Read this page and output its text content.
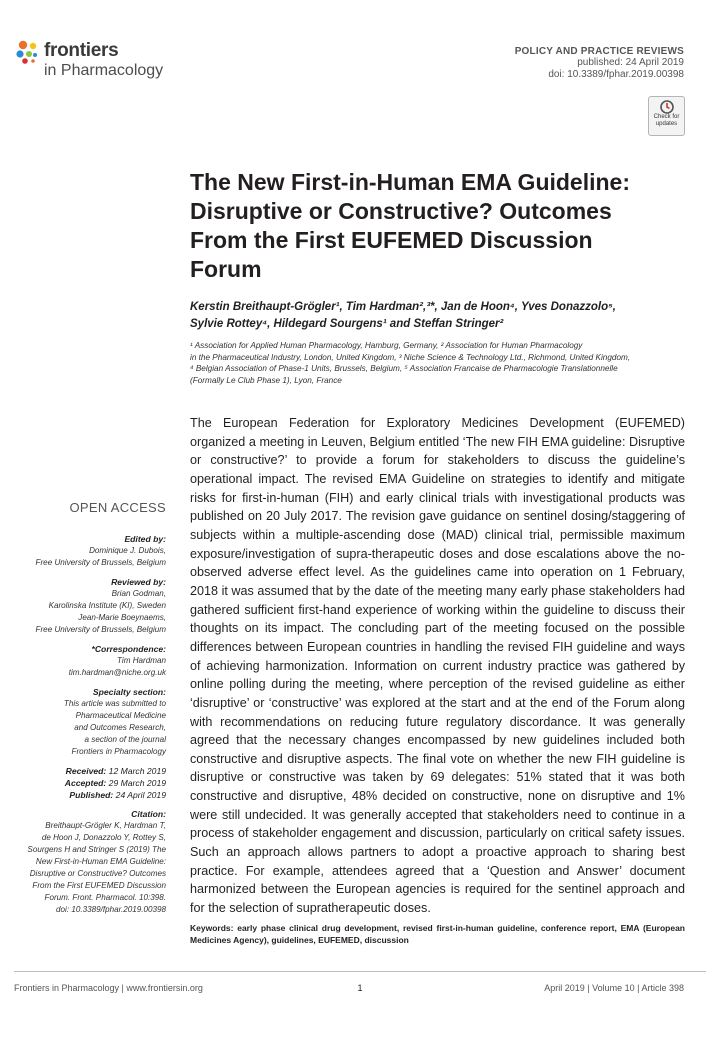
frontiers
in Pharmacology
POLICY AND PRACTICE REVIEWS
published: 24 April 2019
doi: 10.3389/fphar.2019.00398
Check for
updates
The New First-in-Human EMA Guideline: Disruptive or Constructive? Outcomes From the First EUFEMED Discussion Forum
Kerstin Breithaupt-Grögler¹, Tim Hardman²,³*, Jan de Hoon⁴, Yves Donazzolo⁵,
Sylvie Rottey⁴, Hildegard Sourgens¹ and Steffan Stringer²
¹ Association for Applied Human Pharmacology, Hamburg, Germany, ² Association for Human Pharmacology
in the Pharmaceutical Industry, London, United Kingdom, ³ Niche Science & Technology Ltd., Richmond, United Kingdom,
⁴ Belgian Association of Phase-1 Units, Brussels, Belgium, ⁵ Association Francaise de Pharmacologie Translationnelle
(Formally Le Club Phase 1), Lyon, France

The European Federation for Exploratory Medicines Development (EUFEMED) organized a meeting in Leuven, Belgium entitled ‘The new FIH EMA guideline: Disruptive or constructive?’ to provide a forum for stakeholders to discuss the guideline’s operational impact. The revised EMA Guideline on strategies to identify and mitigate risks for first-in-human (FIH) and early clinical trials with investigational products was published on 20 July 2017. The revision gave guidance on sentinel dosing/staggering of subjects within a multiple-ascending dose (MAD) clinical trial, permissible maximum exposure/investigation of supra-therapeutic doses and dose escalations above the no-observed adverse effect level. As the guidelines came into operation on 1 February, 2018 it was assumed that by the date of the meeting many early phase stakeholders had gathered sufficient first-hand experience of working within the guideline to discuss their thoughts on its impact. The concluding part of the meeting focused on the possible differences between European countries in handling the revised FIH guideline and ways of achieving harmonization. Information on current industry practice was gathered by online polling during the meeting, where perception of the revised guideline as either ‘disruptive’ or ‘constructive’ was explored at the start and at the end of the Forum along with recommendations on reducing future regulatory discordance. It was generally agreed that the necessary changes encompassed by new guidelines included both constructive and disruptive aspects. The final vote on whether the new FIH guideline is disruptive or constructive was taken by 69 delegates: 51% stated that it was both constructive and disruptive, 48% decided on constructive, none on disruptive and 1% were still undecided. It was generally accepted that stakeholders need to continue in a process of stakeholder engagement and discussion, particularly on critical safety issues. Such an approach allows partners to adopt a proactive approach to sharing best practice. For example, attendees agreed that a ‘Question and Answer’ document harmonized between the European agencies is required for the sentinel approach and for the selection of supratherapeutic doses.

Keywords: early phase clinical drug development, revised first-in-human guideline, conference report, EMA (European Medicines Agency), guidelines, EUFEMED, discussion
OPEN ACCESS
Edited by:
Dominique J. Dubois,
Free University of Brussels, Belgium
Reviewed by:
Brian Godman,
Karolinska Institute (KI), Sweden
Jean-Marie Boeynaems,
Free University of Brussels, Belgium
*Correspondence:
Tim Hardman
tim.hardman@niche.org.uk
Specialty section:
This article was submitted to
Pharmaceutical Medicine
and Outcomes Research,
a section of the journal
Frontiers in Pharmacology
Received: 12 March 2019
Accepted: 29 March 2019
Published: 24 April 2019
Citation:
Breithaupt-Grögler K, Hardman T,
de Hoon J, Donazzolo Y, Rottey S,
Sourgens H and Stringer S (2019) The
New First-in-Human EMA Guideline:
Disruptive or Constructive? Outcomes
From the First EUFEMED Discussion
Forum. Front. Pharmacol. 10:398.
doi: 10.3389/fphar.2019.00398
Frontiers in Pharmacology | www.frontiersin.org	1	April 2019 | Volume 10 | Article 398
